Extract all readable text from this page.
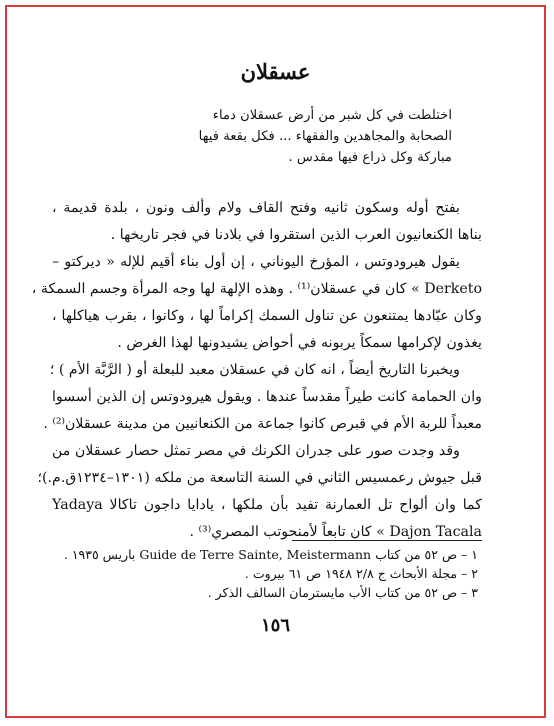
عسقلان
اختلطت في كل شبر من أرض عسقلان دماء
الصحابة والمجاهدين والفقهاء ... فكل بقعة فيها
مباركة وكل ذراع فيها مقدس .
بفتح أوله وسكون ثانيه وفتح القاف ولام وألف ونون ، بلدة قديمة ،
بناها الكنعانيون العرب الذين استقروا في بلادنا في فجر تاريخها .
يقول هيرودوتس ، المؤرخ اليوناني ، إن أول بناء أقيم للإله « ديركتو –
Derketo » كان في عسقلان⁽¹⁾ . وهذه الإلهة لها وجه المرأة وجسم السمكة ،
وكان عبّادها يمتنعون عن تناول السمك إكراماً لها ، وكانوا ، بقرب هياكلها ،
يغذون لإكرامها سمكاً يربونه في أحواض يشيدونها لهذا الغرض .
ويخبرنا التاريخ أيضاً ، انه كان في عسقلان معبد للبعلة أو ( الرَّبَّة الأم ) ؛
وان الحمامة كانت طيراً مقدساً عندها . ويقول هيرودوتس إن الذين أسسوا
معبداً للربة الأم في قبرص كانوا جماعة من الكنعانيين من مدينة عسقلان⁽²⁾ .
وقد وجدت صور على جدران الكرنك في مصر تمثل حصار عسقلان من
قبل جيوش رعمسيس الثاني في السنة التاسعة من ملكه (١٣٠١–١٢٣٤ق.م.)؛
كما وان ألواح تل العمارنة تفيد بأن ملكها ، يادايا داجون تاكالا Yadaya
Dajon Tacala » كان تابعاً لأمنحوتب المصري⁽³⁾ .
١ – ص ٥٢ من كتاب Guide de Terre Sainte, Meistermann باريس ١٩٣٥ .
٢ – مجلة الأبحاث ج ٢/٨ ١٩٤٨ ص ٦١ بيروت .
٣ – ص ٥٢ من كتاب الأب مايسترمان السالف الذكر .
١٥٦
